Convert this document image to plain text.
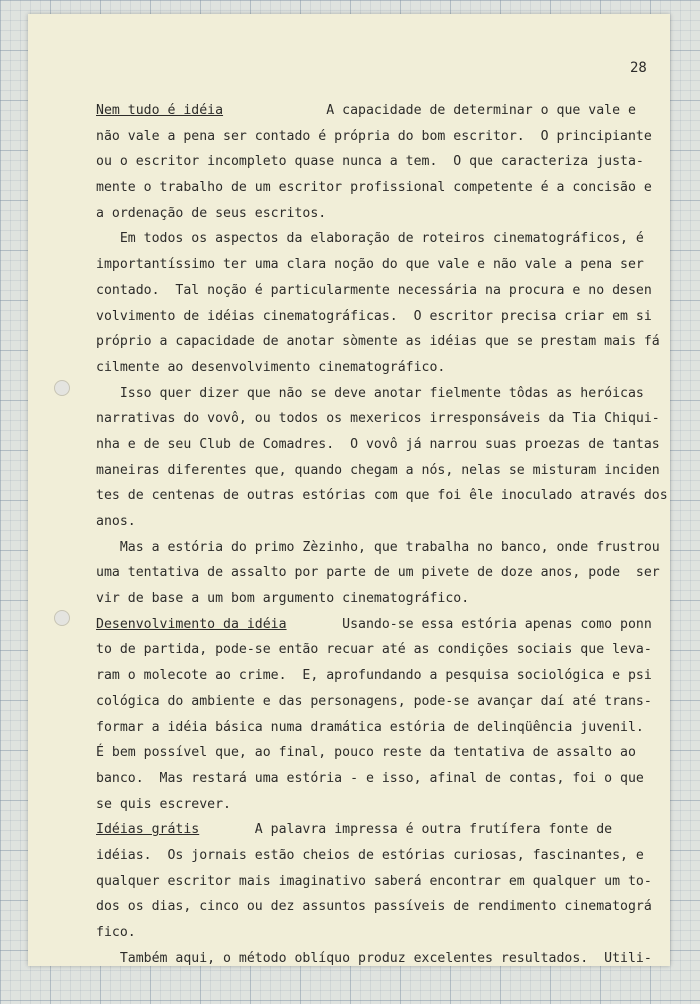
28
Nem tudo é idéia             A capacidade de determinar o que vale e
não vale a pena ser contado é própria do bom escritor.  O principiante
ou o escritor incompleto quase nunca a tem.  O que caracteriza justa-
mente o trabalho de um escritor profissional competente é a concisão e
a ordenação de seus escritos.
Em todos os aspectos da elaboração de roteiros cinematográficos, é
importantíssimo ter uma clara noção do que vale e não vale a pena ser
contado.  Tal noção é particularmente necessária na procura e no desen
volvimento de idéias cinematográficas.  O escritor precisa criar em si
próprio a capacidade de anotar sòmente as idéias que se prestam mais fá
cilmente ao desenvolvimento cinematográfico.
Isso quer dizer que não se deve anotar fielmente tôdas as heróicas
narrativas do vovô, ou todos os mexericos irresponsáveis da Tia Chiqui-
nha e de seu Club de Comadres.  O vovô já narrou suas proezas de tantas
maneiras diferentes que, quando chegam a nós, nelas se misturam inciden
tes de centenas de outras estórias com que foi êle inoculado através dos
anos.
Mas a estória do primo Zèzinho, que trabalha no banco, onde frustrou
uma tentativa de assalto por parte de um pivete de doze anos, pode  ser
vir de base a um bom argumento cinematográfico.
Desenvolvimento da idéia       Usando-se essa estória apenas como ponn
to de partida, pode-se então recuar até as condições sociais que leva-
ram o molecote ao crime.  E, aprofundando a pesquisa sociológica e psi
cológica do ambiente e das personagens, pode-se avançar daí até trans-
formar a idéia básica numa dramática estória de delinqüência juvenil.
É bem possível que, ao final, pouco reste da tentativa de assalto ao
banco.  Mas restará uma estória - e isso, afinal de contas, foi o que
se quis escrever.
Idéias grátis       A palavra impressa é outra frutífera fonte de
idéias.  Os jornais estão cheios de estórias curiosas, fascinantes, e
qualquer escritor mais imaginativo saberá encontrar em qualquer um to-
dos os dias, cinco ou dez assuntos passíveis de rendimento cinematográ
fico.
Também aqui, o método oblíquo produz excelentes resultados.  Utili-
